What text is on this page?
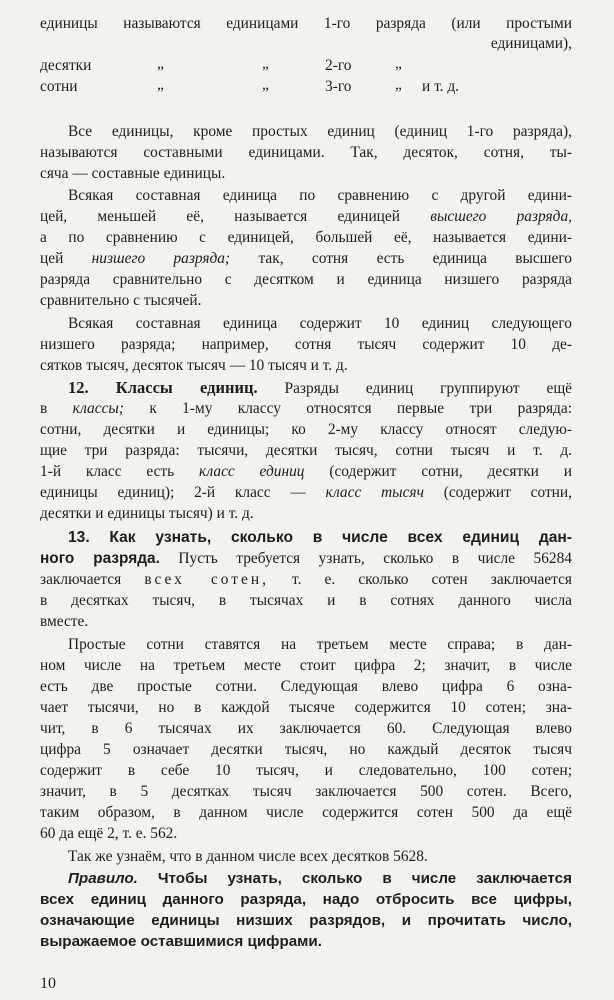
единицы называются единицами 1-го разряда (или простыми
единицами),
десятки	„	„	2-го	„
сотни	„	„	3-го	„ и т. д.
Все единицы, кроме простых единиц (единиц 1-го разряда),
называются составными единицами. Так, десяток, сотня, ты-
сяча — составные единицы.
Всякая составная единица по сравнению с другой едини-
цей, меньшей её, называется единицей высшего разряда,
а по сравнению с единицей, большей её, называется едини-
цей низшего разряда; так, сотня есть единица высшего
разряда сравнительно с десятком и единица низшего разряда
сравнительно с тысячей.
Всякая составная единица содержит 10 единиц следующего
низшего разряда; например, сотня тысяч содержит 10 де-
сятков тысяч, десяток тысяч — 10 тысяч и т. д.
12. Классы единиц. Разряды единиц группируют ещё
в классы; к 1-му классу относятся первые три разряда:
сотни, десятки и единицы; ко 2-му классу относят следую-
щие три разряда: тысячи, десятки тысяч, сотни тысяч и т. д.
1-й класс есть класс единиц (содержит сотни, десятки и
единицы единиц); 2-й класс — класс тысяч (содержит сотни,
десятки и единицы тысяч) и т. д.
13. Как узнать, сколько в числе всех единиц дан-
ного разряда. Пусть требуется узнать, сколько в числе 56284
заключается всех сотен, т. е. сколько сотен заключается
в десятках тысяч, в тысячах и в сотнях данного числа
вместе.
Простые сотни ставятся на третьем месте справа; в дан-
ном числе на третьем месте стоит цифра 2; значит, в числе
есть две простые сотни. Следующая влево цифра 6 озна-
чает тысячи, но в каждой тысяче содержится 10 сотен; зна-
чит, в 6 тысячах их заключается 60. Следующая влево
цифра 5 означает десятки тысяч, но каждый десяток тысяч
содержит в себе 10 тысяч, и следовательно, 100 сотен;
значит, в 5 десятках тысяч заключается 500 сотен. Всего,
таким образом, в данном числе содержится сотен 500 да ещё
60 да ещё 2, т. е. 562.
Так же узнаём, что в данном числе всех десятков 5628.
Правило. Чтобы узнать, сколько в числе заключается
всех единиц данного разряда, надо отбросить все цифры,
означающие единицы низших разрядов, и прочитать число,
выражаемое оставшимися цифрами.
10
